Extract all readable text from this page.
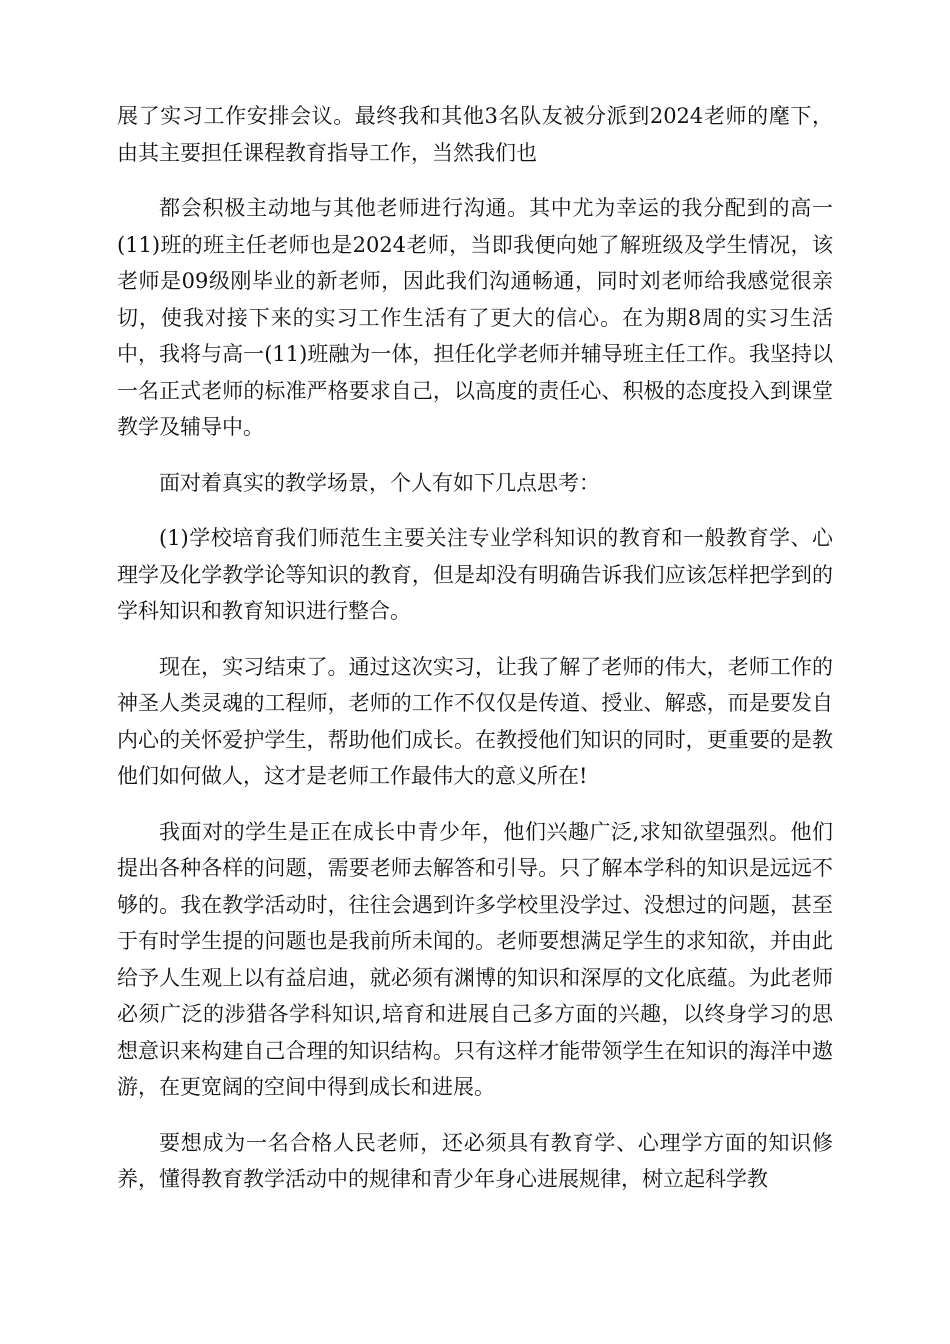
展了实习工作安排会议。最终我和其他3名队友被分派到2024老师的麾下，由其主要担任课程教育指导工作，当然我们也

都会积极主动地与其他老师进行沟通。其中尤为幸运的我分配到的高一(11)班的班主任老师也是2024老师，当即我便向她了解班级及学生情况，该老师是09级刚毕业的新老师，因此我们沟通畅通，同时刘老师给我感觉很亲切，使我对接下来的实习工作生活有了更大的信心。在为期8周的实习生活中，我将与高一(11)班融为一体，担任化学老师并辅导班主任工作。我坚持以一名正式老师的标准严格要求自己，以高度的责任心、积极的态度投入到课堂教学及辅导中。

面对着真实的教学场景，个人有如下几点思考：

(1)学校培育我们师范生主要关注专业学科知识的教育和一般教育学、心理学及化学教学论等知识的教育，但是却没有明确告诉我们应该怎样把学到的学科知识和教育知识进行整合。

现在，实习结束了。通过这次实习，让我了解了老师的伟大，老师工作的神圣人类灵魂的工程师，老师的工作不仅仅是传道、授业、解惑，而是要发自内心的关怀爱护学生，帮助他们成长。在教授他们知识的同时，更重要的是教他们如何做人，这才是老师工作最伟大的意义所在!

我面对的学生是正在成长中青少年，他们兴趣广泛,求知欲望强烈。他们提出各种各样的问题，需要老师去解答和引导。只了解本学科的知识是远远不够的。我在教学活动时，往往会遇到许多学校里没学过、没想过的问题，甚至于有时学生提的问题也是我前所未闻的。老师要想满足学生的求知欲，并由此给予人生观上以有益启迪，就必须有渊博的知识和深厚的文化底蕴。为此老师必须广泛的涉猎各学科知识,培育和进展自己多方面的兴趣，以终身学习的思想意识来构建自己合理的知识结构。只有这样才能带领学生在知识的海洋中遨游，在更宽阔的空间中得到成长和进展。

要想成为一名合格人民老师，还必须具有教育学、心理学方面的知识修养，懂得教育教学活动中的规律和青少年身心进展规律，树立起科学教
